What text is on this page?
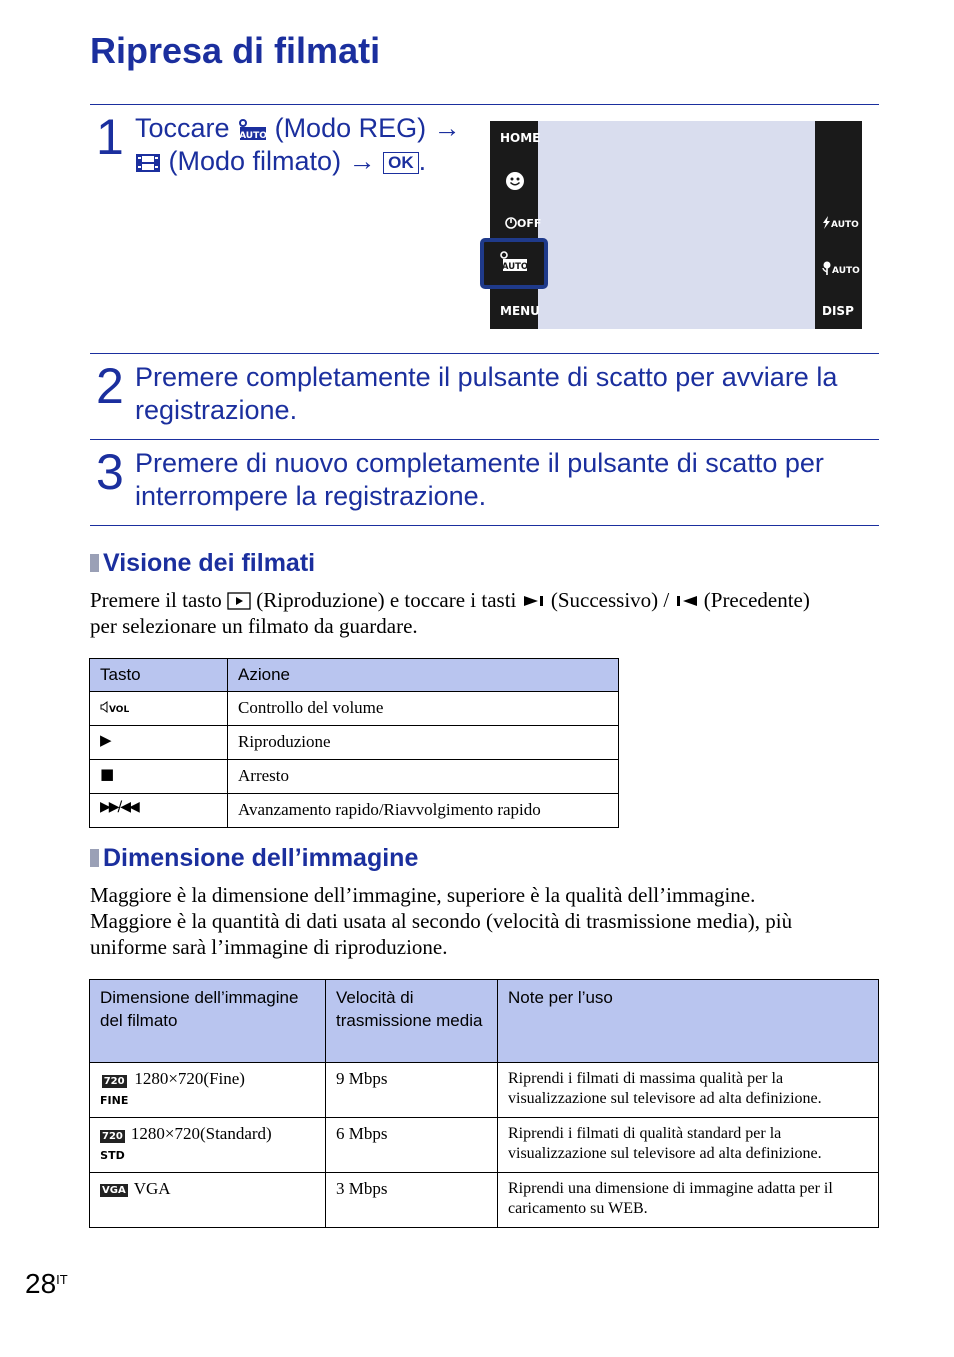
Ripresa di filmati
1 Toccare AUTO (Modo REG) →
(Modo filmato) → OK .
HOME
OFF
AUTO
MENU
AUTO
AUTO
DISP
2 Premere completamente il pulsante di scatto per avviare la
registrazione.
3 Premere di nuovo completamente il pulsante di scatto per
interrompere la registrazione.
Visione dei filmati
Premere il tasto (Riproduzione) e toccare i tasti (Successivo) / (Precedente)
per selezionare un filmato da guardare.
Tasto	Azione
VOL	Controllo del volume
▶	Riproduzione
■	Arresto
▶▶/◀◀	Avanzamento rapido/Riavvolgimento rapido
Dimensione dell’immagine
Maggiore è la dimensione dell’immagine, superiore è la qualità dell’immagine.
Maggiore è la quantità di dati usata al secondo (velocità di trasmissione media), più
uniforme sarà l’immagine di riproduzione.
Dimensione dell’immagine del filmato	Velocità di trasmissione media	Note per l’uso
720
FINE1280×720(Fine)	9 Mbps	Riprendi i filmati di massima qualità per la visualizzazione sul televisore ad alta definizione.
720
STD1280×720(Standard)	6 Mbps	Riprendi i filmati di qualità standard per la visualizzazione sul televisore ad alta definizione.
VGA VGA	3 Mbps	Riprendi una dimensione di immagine adatta per il caricamento su WEB.
$28^{IT}$
